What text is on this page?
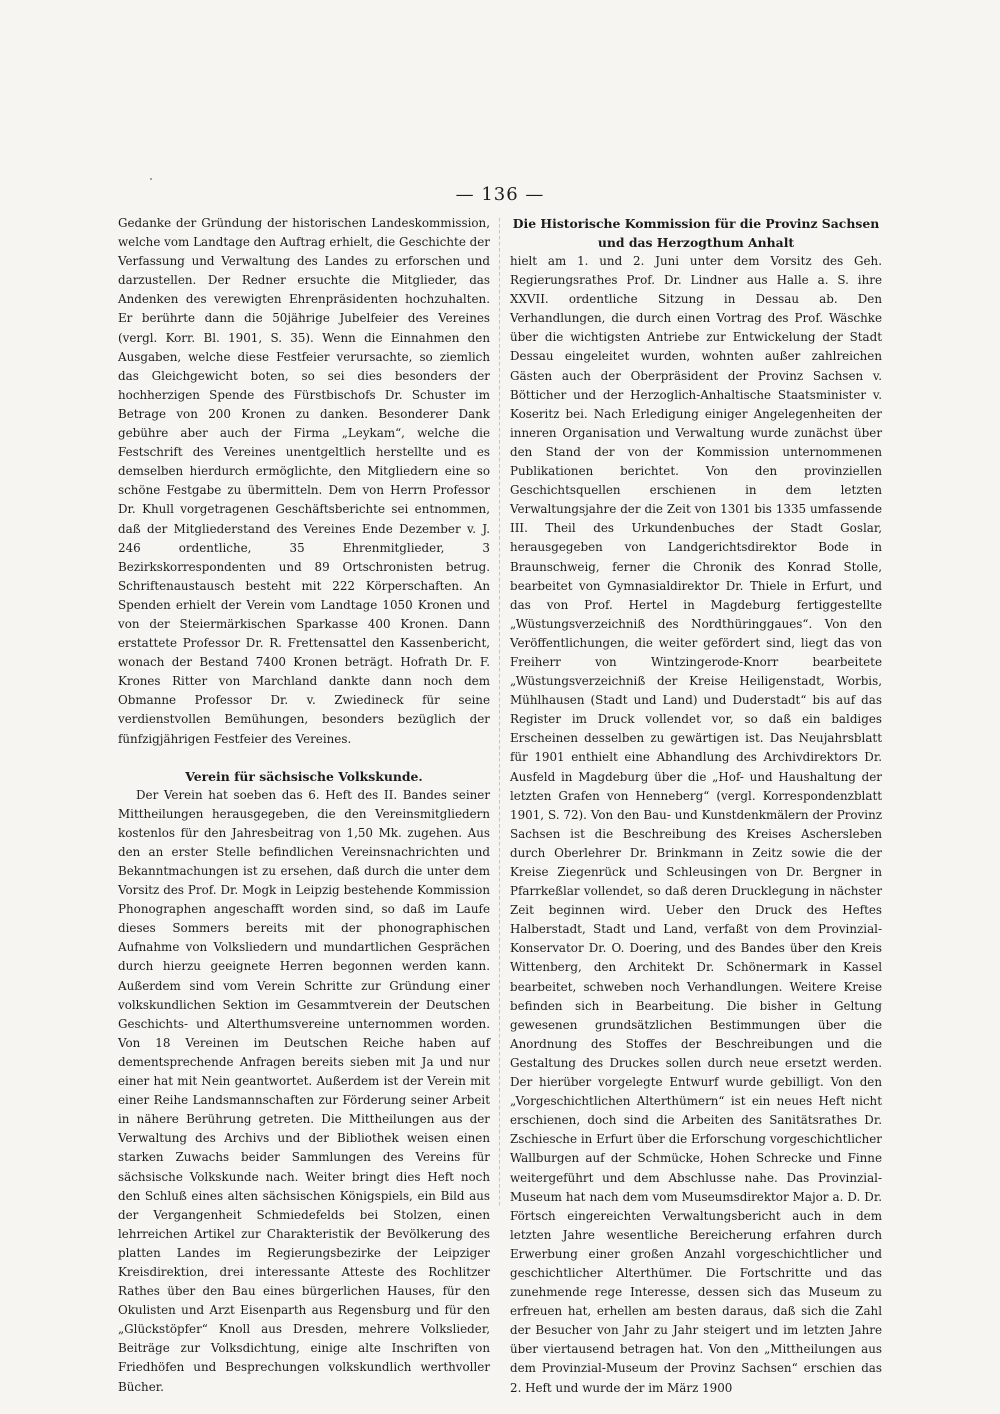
— 136 —

Gedanke der Gründung der historischen Landeskommission, welche vom Landtage den Auftrag erhielt, die Geschichte der Verfassung und Verwaltung des Landes zu erforschen und darzustellen. Der Redner ersuchte die Mitglieder, das Andenken des verewigten Ehrenpräsidenten hochzuhalten. Er berührte dann die 50jährige Jubelfeier des Vereines (vergl. Korr. Bl. 1901, S. 35). Wenn die Einnahmen den Ausgaben, welche diese Festfeier verursachte, so ziemlich das Gleichgewicht boten, so sei dies besonders der hochherzigen Spende des Fürstbischofs Dr. Schuster im Betrage von 200 Kronen zu danken. Besonderer Dank gebühre aber auch der Firma „Leykam“, welche die Festschrift des Vereines unentgeltlich herstellte und es demselben hierdurch ermöglichte, den Mitgliedern eine so schöne Festgabe zu übermitteln. Dem von Herrn Professor Dr. Khull vorgetragenen Geschäftsberichte sei entnommen, daß der Mitgliederstand des Vereines Ende Dezember v. J. 246 ordentliche, 35 Ehrenmitglieder, 3 Bezirkskorrespondenten und 89 Ortschronisten betrug. Schriftenaustausch besteht mit 222 Körperschaften. An Spenden erhielt der Verein vom Landtage 1050 Kronen und von der Steiermärkischen Sparkasse 400 Kronen. Dann erstattete Professor Dr. R. Frettensattel den Kassenbericht, wonach der Bestand 7400 Kronen beträgt. Hofrath Dr. F. Krones Ritter von Marchland dankte dann noch dem Obmanne Professor Dr. v. Zwiedineck für seine verdienstvollen Bemühungen, besonders bezüglich der fünfzigjährigen Festfeier des Vereines.

Verein für sächsische Volkskunde.

Der Verein hat soeben das 6. Heft des II. Bandes seiner Mittheilungen herausgegeben, die den Vereinsmitgliedern kostenlos für den Jahresbeitrag von 1,50 Mk. zugehen. Aus den an erster Stelle befindlichen Vereinsnachrichten und Bekanntmachungen ist zu ersehen, daß durch die unter dem Vorsitz des Prof. Dr. Mogk in Leipzig bestehende Kommission Phonographen angeschafft worden sind, so daß im Laufe dieses Sommers bereits mit der phonographischen Aufnahme von Volksliedern und mundartlichen Gesprächen durch hierzu geeignete Herren begonnen werden kann. Außerdem sind vom Verein Schritte zur Gründung einer volkskundlichen Sektion im Gesammtverein der Deutschen Geschichts- und Alterthumsvereine unternommen worden. Von 18 Vereinen im Deutschen Reiche haben auf dementsprechende Anfragen bereits sieben mit Ja und nur einer hat mit Nein geantwortet. Außerdem ist der Verein mit einer Reihe Landsmannschaften zur Förderung seiner Arbeit in nähere Berührung getreten. Die Mittheilungen aus der Verwaltung des Archivs und der Bibliothek weisen einen starken Zuwachs beider Sammlungen des Vereins für sächsische Volkskunde nach. Weiter bringt dies Heft noch den Schluß eines alten sächsischen Königspiels, ein Bild aus der Vergangenheit Schmiedefelds bei Stolzen, einen lehrreichen Artikel zur Charakteristik der Bevölkerung des platten Landes im Regierungsbezirke der Leipziger Kreisdirektion, drei interessante Atteste des Rochlitzer Rathes über den Bau eines bürgerlichen Hauses, für den Okulisten und Arzt Eisenparth aus Regensburg und für den „Glückstöpfer“ Knoll aus Dresden, mehrere Volkslieder, Beiträge zur Volksdichtung, einige alte Inschriften von Friedhöfen und Besprechungen volkskundlich werthvoller Bücher.

Die Historische Kommission für die Provinz Sachsen und das Herzogthum Anhalt

hielt am 1. und 2. Juni unter dem Vorsitz des Geh. Regierungsrathes Prof. Dr. Lindner aus Halle a. S. ihre XXVII. ordentliche Sitzung in Dessau ab. Den Verhandlungen, die durch einen Vortrag des Prof. Wäschke über die wichtigsten Antriebe zur Entwickelung der Stadt Dessau eingeleitet wurden, wohnten außer zahlreichen Gästen auch der Oberpräsident der Provinz Sachsen v. Bötticher und der Herzoglich-Anhaltische Staatsminister v. Koseritz bei. Nach Erledigung einiger Angelegenheiten der inneren Organisation und Verwaltung wurde zunächst über den Stand der von der Kommission unternommenen Publikationen berichtet. Von den provinziellen Geschichtsquellen erschienen in dem letzten Verwaltungsjahre der die Zeit von 1301 bis 1335 umfassende III. Theil des Urkundenbuches der Stadt Goslar, herausgegeben von Landgerichtsdirektor Bode in Braunschweig, ferner die Chronik des Konrad Stolle, bearbeitet von Gymnasialdirektor Dr. Thiele in Erfurt, und das von Prof. Hertel in Magdeburg fertiggestellte „Wüstungsverzeichniß des Nordthüringgaues“. Von den Veröffentlichungen, die weiter gefördert sind, liegt das von Freiherr von Wintzingerode-Knorr bearbeitete „Wüstungsverzeichniß der Kreise Heiligenstadt, Worbis, Mühlhausen (Stadt und Land) und Duderstadt“ bis auf das Register im Druck vollendet vor, so daß ein baldiges Erscheinen desselben zu gewärtigen ist. Das Neujahrsblatt für 1901 enthielt eine Abhandlung des Archivdirektors Dr. Ausfeld in Magdeburg über die „Hof- und Haushaltung der letzten Grafen von Henneberg“ (vergl. Korrespondenzblatt 1901, S. 72). Von den Bau- und Kunstdenkmälern der Provinz Sachsen ist die Beschreibung des Kreises Aschersleben durch Oberlehrer Dr. Brinkmann in Zeitz sowie die der Kreise Ziegenrück und Schleusingen von Dr. Bergner in Pfarrkeßlar vollendet, so daß deren Drucklegung in nächster Zeit beginnen wird. Ueber den Druck des Heftes Halberstadt, Stadt und Land, verfaßt von dem Provinzial-Konservator Dr. O. Doering, und des Bandes über den Kreis Wittenberg, den Architekt Dr. Schönermark in Kassel bearbeitet, schweben noch Verhandlungen. Weitere Kreise befinden sich in Bearbeitung. Die bisher in Geltung gewesenen grundsätzlichen Bestimmungen über die Anordnung des Stoffes der Beschreibungen und die Gestaltung des Druckes sollen durch neue ersetzt werden. Der hierüber vorgelegte Entwurf wurde gebilligt. Von den „Vorgeschichtlichen Alterthümern“ ist ein neues Heft nicht erschienen, doch sind die Arbeiten des Sanitätsrathes Dr. Zschiesche in Erfurt über die Erforschung vorgeschichtlicher Wallburgen auf der Schmücke, Hohen Schrecke und Finne weitergeführt und dem Abschlusse nahe. Das Provinzial-Museum hat nach dem vom Museumsdirektor Major a. D. Dr. Förtsch eingereichten Verwaltungsbericht auch in dem letzten Jahre wesentliche Bereicherung erfahren durch Erwerbung einer großen Anzahl vorgeschichtlicher und geschichtlicher Alterthümer. Die Fortschritte und das zunehmende rege Interesse, dessen sich das Museum zu erfreuen hat, erhellen am besten daraus, daß sich die Zahl der Besucher von Jahr zu Jahr steigert und im letzten Jahre über viertausend betragen hat. Von den „Mittheilungen aus dem Provinzial-Museum der Provinz Sachsen“ erschien das 2. Heft und wurde der im März 1900
